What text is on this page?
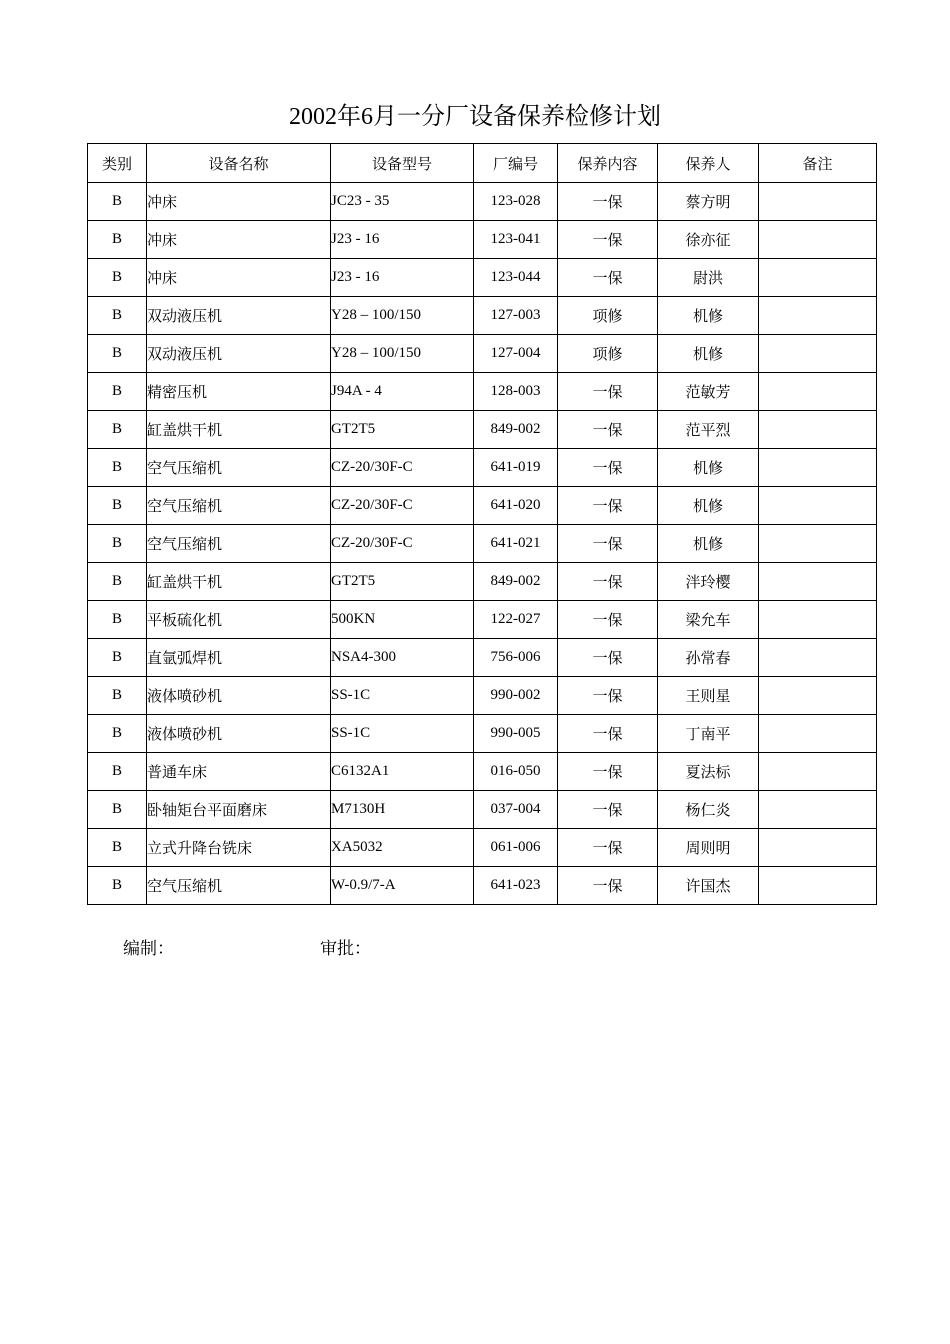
2002年6月一分厂设备保养检修计划
类别	设备名称	设备型号	厂编号	保养内容	保养人	备注
B	冲床	JC23 - 35	123-028	一保	蔡方明	
B	冲床	J23 - 16	123-041	一保	徐亦征	
B	冲床	J23 - 16	123-044	一保	尉洪	
B	双动液压机	Y28 – 100/150	127-003	项修	机修	
B	双动液压机	Y28 – 100/150	127-004	项修	机修	
B	精密压机	J94A - 4	128-003	一保	范敏芳	
B	缸盖烘干机	GT2T5	849-002	一保	范平烈	
B	空气压缩机	CZ-20/30F-C	641-019	一保	机修	
B	空气压缩机	CZ-20/30F-C	641-020	一保	机修	
B	空气压缩机	CZ-20/30F-C	641-021	一保	机修	
B	缸盖烘干机	GT2T5	849-002	一保	泮玲樱	
B	平板硫化机	500KN	122-027	一保	梁允车	
B	直氩弧焊机	NSA4-300	756-006	一保	孙常春	
B	液体喷砂机	SS-1C	990-002	一保	王则星	
B	液体喷砂机	SS-1C	990-005	一保	丁南平	
B	普通车床	C6132A1	016-050	一保	夏法标	
B	卧轴矩台平面磨床	M7130H	037-004	一保	杨仁炎	
B	立式升降台铣床	XA5032	061-006	一保	周则明	
B	空气压缩机	W-0.9/7-A	641-023	一保	许国杰	
编制：	审批：
